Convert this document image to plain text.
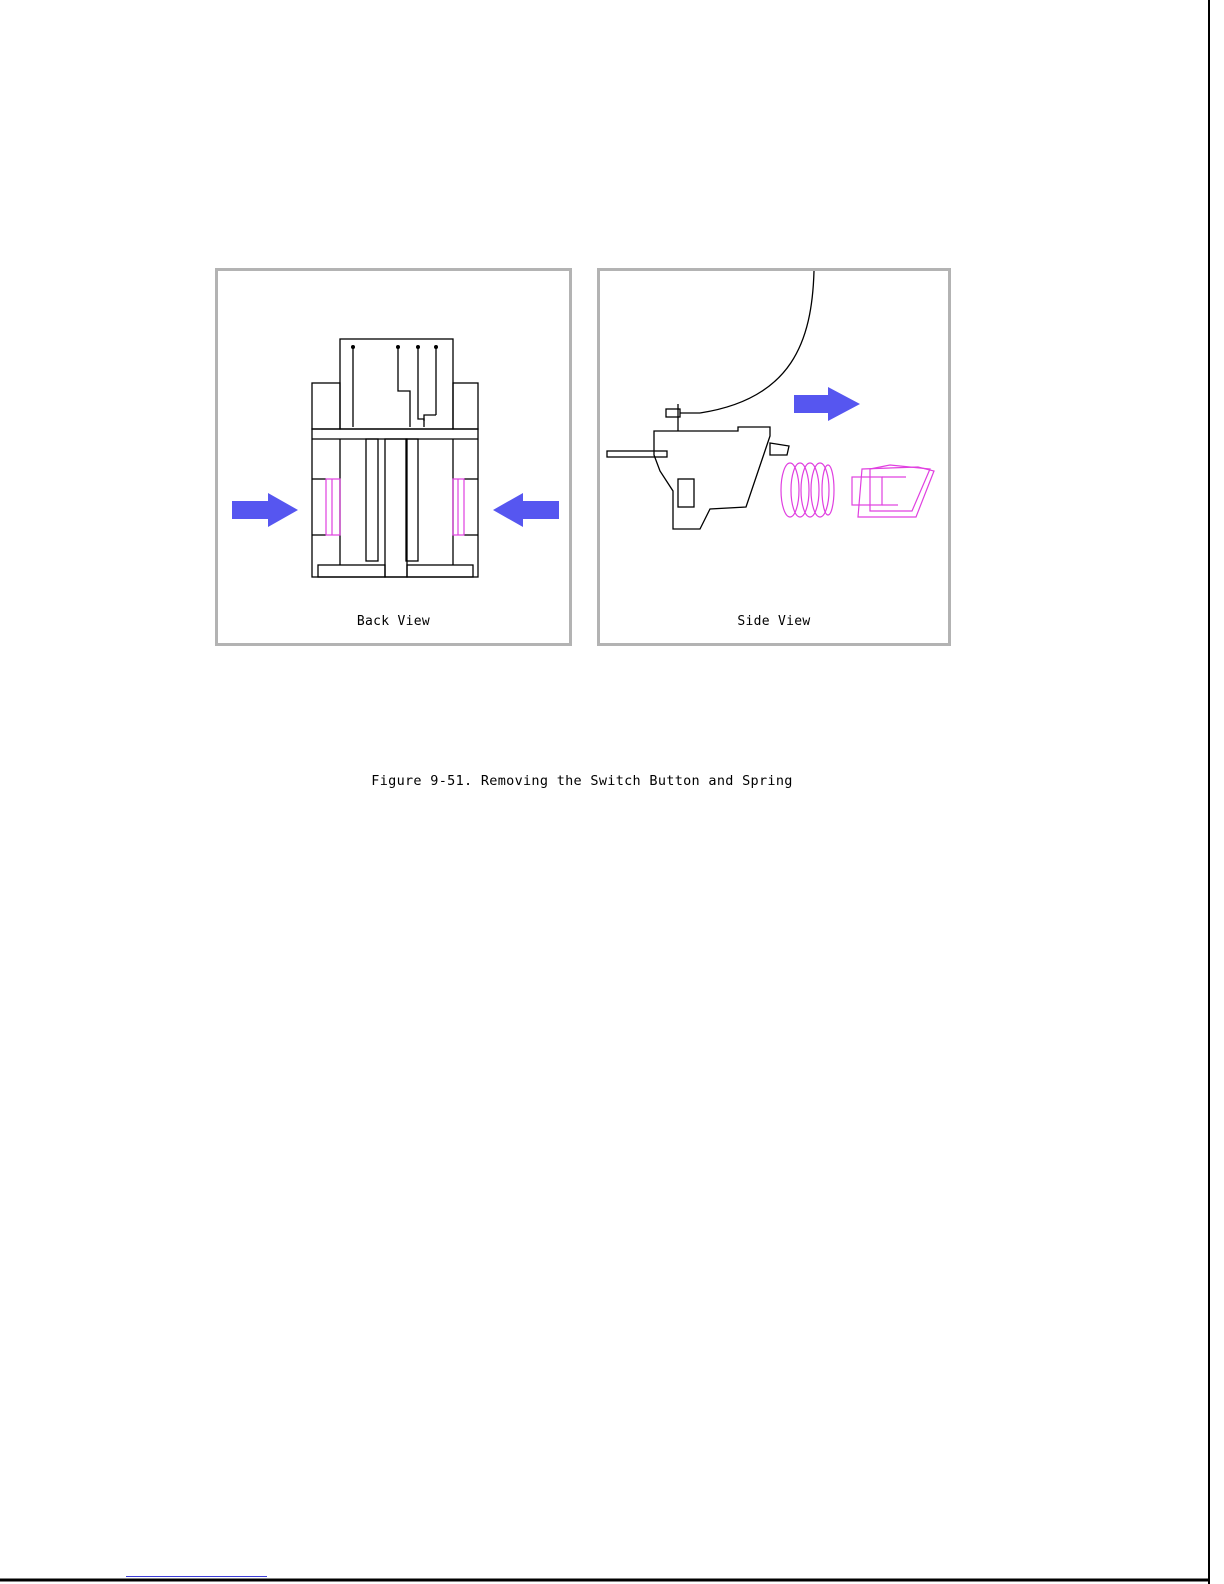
Back View	Side View
Figure 9-51. Removing the Switch Button and Spring
